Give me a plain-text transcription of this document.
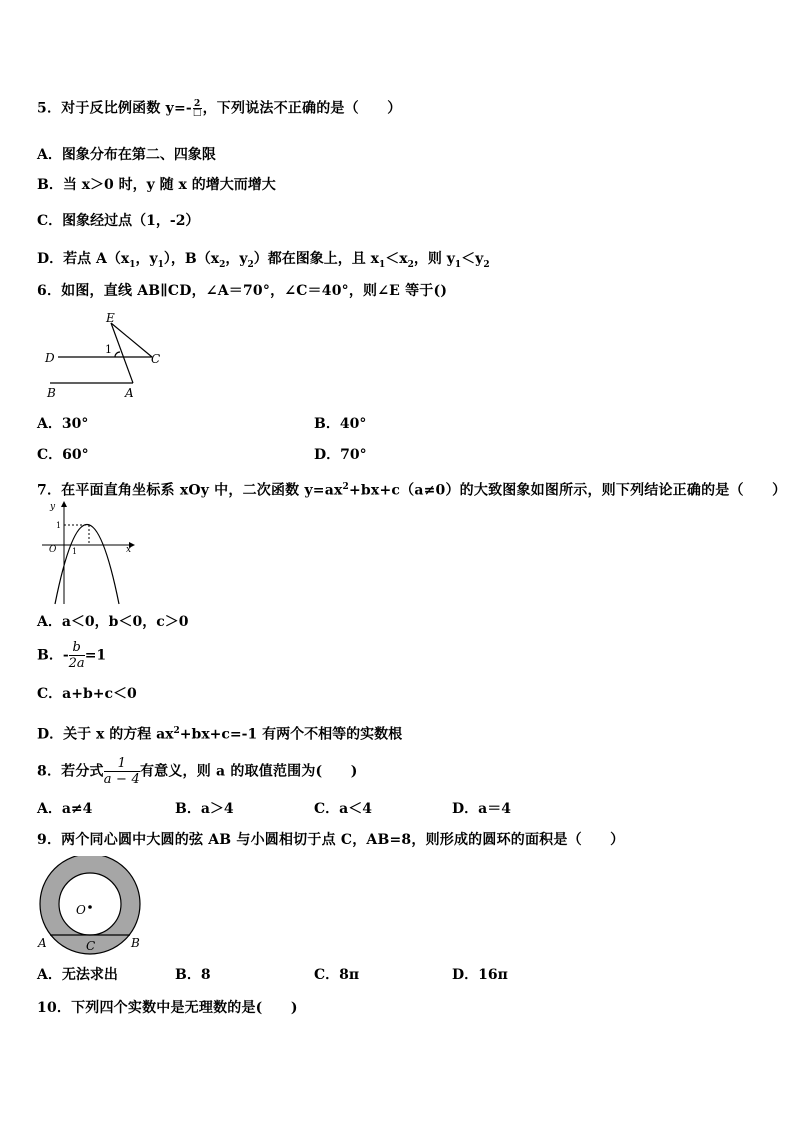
5．对于反比例函数 $y=- \frac{2}{□}$ ，下列说法不正确的是（　　）
A．图象分布在第二、四象限
B．当 x＞0 时，y 随 x 的增大而增大
C．图象经过点（1，-2）
D．若点 $A(x_1$，$y_1$），$B(x_2$，$y_2$）都在图象上，且 $x_1<x_2$，则 $y_1<y_2$
6．如图，直线 AB∥CD，∠A＝70°，∠C＝40°，则∠E 等于()
E
D	C
B	A
1
A．30°	B．40°
C．60°	D．70°
7．在平面直角坐标系 xOy 中，二次函数 $y=ax^2+bx+c(a\ne 0)$的大致图象如图所示，则下列结论正确的是（　　）
y
x
O 1
1
A．a＜0，b＜0，c＞0
B．- $\frac{b}{2a} =1$
C．a+b+c＜0
D．关于 x 的方程 $ax^2+bx+c=-1$ 有两个不相等的实数根
8．若分式 $\frac{1}{a - 4}$ 有意义，则 a 的取值范围为(　　)
A．a≠4	B．a＞4	C．a＜4	D．a＝4
9．两个同心圆中大圆的弦 AB 与小圆相切于点 C，AB=8，则形成的圆环的面积是（　　）
O
A	B
C
A．无法求出	B．8	C．8π	D．16π
10．下列四个实数中是无理数的是(　　)
